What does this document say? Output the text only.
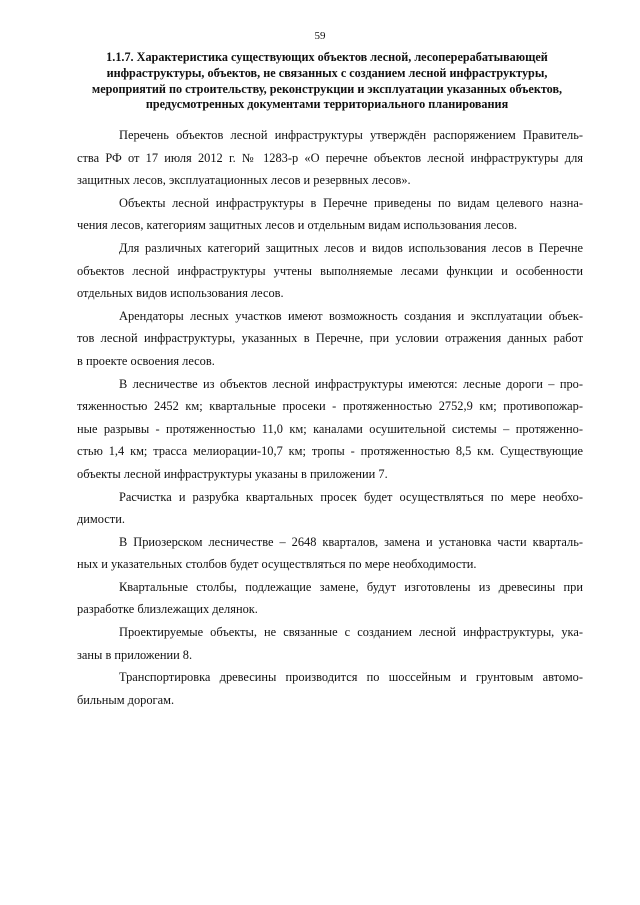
59
1.1.7. Характеристика существующих объектов лесной, лесоперерабатывающей
инфраструктуры, объектов, не связанных с созданием лесной инфраструктуры,
мероприятий по строительству, реконструкции и эксплуатации указанных объектов,
предусмотренных документами территориального планирования

Перечень объектов лесной инфраструктуры утверждён распоряжением Правитель-
ства РФ от 17 июля 2012 г. № 1283-р «О перечне объектов лесной инфраструктуры для
защитных лесов, эксплуатационных лесов и резервных лесов».

Объекты лесной инфраструктуры в Перечне приведены по видам целевого назна-
чения лесов, категориям защитных лесов и отдельным видам использования лесов.

Для различных категорий защитных лесов и видов использования лесов в Перечне
объектов лесной инфраструктуры учтены выполняемые лесами функции и особенности
отдельных видов использования лесов.

Арендаторы лесных участков имеют возможность создания и эксплуатации объек-
тов лесной инфраструктуры, указанных в Перечне, при условии отражения данных работ
в проекте освоения лесов.

В лесничестве из объектов лесной инфраструктуры имеются: лесные дороги – про-
тяженностью 2452 км; квартальные просеки - протяженностью 2752,9 км; противопожар-
ные разрывы - протяженностью 11,0 км; каналами осушительной системы – протяженно-
стью 1,4 км; трасса мелиорации-10,7 км; тропы - протяженностью 8,5 км. Существующие
объекты лесной инфраструктуры указаны в приложении 7.

Расчистка и разрубка квартальных просек будет осуществляться по мере необхо-
димости.

В Приозерском лесничестве – 2648 кварталов, замена и установка части кварталь-
ных и указательных столбов будет осуществляться по мере необходимости.

Квартальные столбы, подлежащие замене, будут изготовлены из древесины при
разработке близлежащих делянок.

Проектируемые объекты, не связанные с созданием лесной инфраструктуры, ука-
заны в приложении 8.

Транспортировка древесины производится по шоссейным и грунтовым автомо-
бильным дорогам.
